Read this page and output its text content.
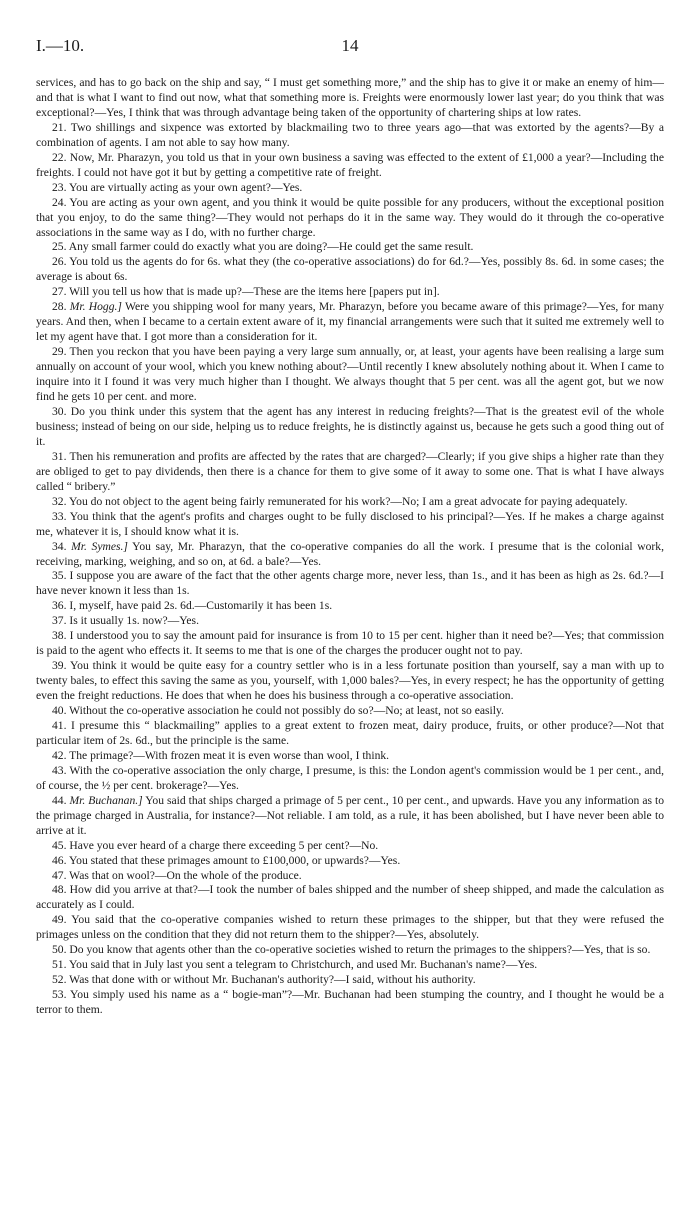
I.—10.	14

services, and has to go back on the ship and say, “ I must get something more,” and the ship has to give it or make an enemy of him—and that is what I want to find out now, what that something more is. Freights were enormously lower last year; do you think that was exceptional?—Yes, I think that was through advantage being taken of the opportunity of chartering ships at low rates.

21. Two shillings and sixpence was extorted by blackmailing two to three years ago—that was extorted by the agents?—By a combination of agents. I am not able to say how many.

22. Now, Mr. Pharazyn, you told us that in your own business a saving was effected to the extent of £1,000 a year?—Including the freights. I could not have got it but by getting a competitive rate of freight.

23. You are virtually acting as your own agent?—Yes.

24. You are acting as your own agent, and you think it would be quite possible for any producers, without the exceptional position that you enjoy, to do the same thing?—They would not perhaps do it in the same way. They would do it through the co-operative associations in the same way as I do, with no further charge.

25. Any small farmer could do exactly what you are doing?—He could get the same result.

26. You told us the agents do for 6s. what they (the co-operative associations) do for 6d.?—Yes, possibly 8s. 6d. in some cases; the average is about 6s.

27. Will you tell us how that is made up?—These are the items here [papers put in].

28. Mr. Hogg.] Were you shipping wool for many years, Mr. Pharazyn, before you became aware of this primage?—Yes, for many years. And then, when I became to a certain extent aware of it, my financial arrangements were such that it suited me extremely well to let my agent have that. I got more than a consideration for it.

29. Then you reckon that you have been paying a very large sum annually, or, at least, your agents have been realising a large sum annually on account of your wool, which you knew nothing about?—Until recently I knew absolutely nothing about it. When I came to inquire into it I found it was very much higher than I thought. We always thought that 5 per cent. was all the agent got, but we now find he gets 10 per cent. and more.

30. Do you think under this system that the agent has any interest in reducing freights?—That is the greatest evil of the whole business; instead of being on our side, helping us to reduce freights, he is distinctly against us, because he gets such a good thing out of it.

31. Then his remuneration and profits are affected by the rates that are charged?—Clearly; if you give ships a higher rate than they are obliged to get to pay dividends, then there is a chance for them to give some of it away to some one. That is what I have always called “ bribery.”

32. You do not object to the agent being fairly remunerated for his work?—No; I am a great advocate for paying adequately.

33. You think that the agent's profits and charges ought to be fully disclosed to his principal?—Yes. If he makes a charge against me, whatever it is, I should know what it is.

34. Mr. Symes.] You say, Mr. Pharazyn, that the co-operative companies do all the work. I presume that is the colonial work, receiving, marking, weighing, and so on, at 6d. a bale?—Yes.

35. I suppose you are aware of the fact that the other agents charge more, never less, than 1s., and it has been as high as 2s. 6d.?—I have never known it less than 1s.

36. I, myself, have paid 2s. 6d.—Customarily it has been 1s.

37. Is it usually 1s. now?—Yes.

38. I understood you to say the amount paid for insurance is from 10 to 15 per cent. higher than it need be?—Yes; that commission is paid to the agent who effects it. It seems to me that is one of the charges the producer ought not to pay.

39. You think it would be quite easy for a country settler who is in a less fortunate position than yourself, say a man with up to twenty bales, to effect this saving the same as you, yourself, with 1,000 bales?—Yes, in every respect; he has the opportunity of getting even the freight reductions. He does that when he does his business through a co-operative association.

40. Without the co-operative association he could not possibly do so?—No; at least, not so easily.

41. I presume this “ blackmailing” applies to a great extent to frozen meat, dairy produce, fruits, or other produce?—Not that particular item of 2s. 6d., but the principle is the same.

42. The primage?—With frozen meat it is even worse than wool, I think.

43. With the co-operative association the only charge, I presume, is this: the London agent's commission would be 1 per cent., and, of course, the ½ per cent. brokerage?—Yes.

44. Mr. Buchanan.] You said that ships charged a primage of 5 per cent., 10 per cent., and upwards. Have you any information as to the primage charged in Australia, for instance?—Not reliable. I am told, as a rule, it has been abolished, but I have never been able to arrive at it.

45. Have you ever heard of a charge there exceeding 5 per cent?—No.

46. You stated that these primages amount to £100,000, or upwards?—Yes.

47. Was that on wool?—On the whole of the produce.

48. How did you arrive at that?—I took the number of bales shipped and the number of sheep shipped, and made the calculation as accurately as I could.

49. You said that the co-operative companies wished to return these primages to the shipper, but that they were refused the primages unless on the condition that they did not return them to the shipper?—Yes, absolutely.

50. Do you know that agents other than the co-operative societies wished to return the primages to the shippers?—Yes, that is so.

51. You said that in July last you sent a telegram to Christchurch, and used Mr. Buchanan's name?—Yes.

52. Was that done with or without Mr. Buchanan's authority?—I said, without his authority.

53. You simply used his name as a “ bogie-man”?—Mr. Buchanan had been stumping the country, and I thought he would be a terror to them.
